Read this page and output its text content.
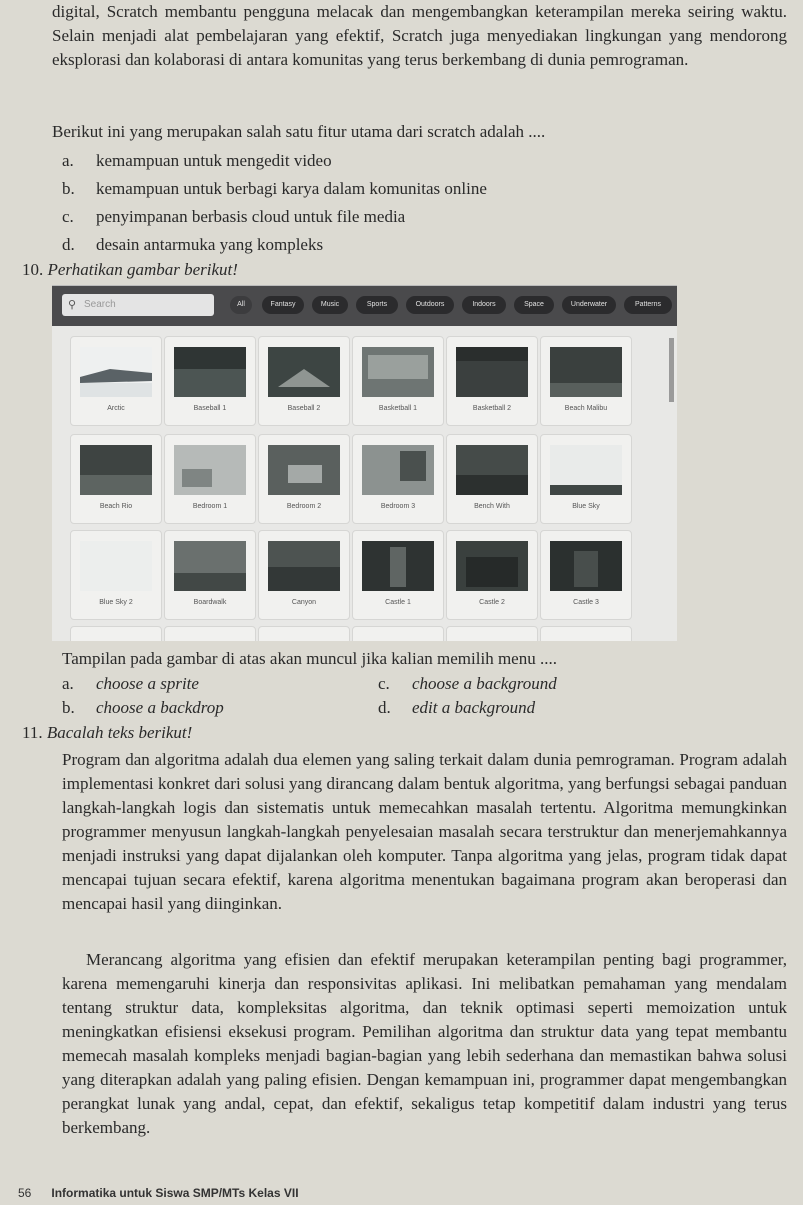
digital, Scratch membantu pengguna melacak dan mengembangkan keterampilan mereka seiring waktu. Selain menjadi alat pembelajaran yang efektif, Scratch juga menyediakan lingkungan yang mendorong eksplorasi dan kolaborasi di antara komunitas yang terus berkembang di dunia pemrograman.

Berikut ini yang merupakan salah satu fitur utama dari scratch adalah ....

a. kemampuan untuk mengedit video
b. kemampuan untuk berbagi karya dalam komunitas online
c. penyimpanan berbasis cloud untuk file media
d. desain antarmuka yang kompleks
10. Perhatikan gambar berikut!
⚲ Search	All	Fantasy	Music	Sports	Outdoors	Indoors	Space	Underwater	Patterns
Arctic	Baseball 1	Baseball 2	Basketball 1	Basketball 2	Beach Malibu
Beach Rio	Bedroom 1	Bedroom 2	Bedroom 3	Bench With	Blue Sky
Blue Sky 2	Boardwalk	Canyon	Castle 1	Castle 2	Castle 3

Tampilan pada gambar di atas akan muncul jika kalian memilih menu ....

a. choose a sprite	c. choose a background
b. choose a backdrop	d. edit a background
11. Bacalah teks berikut!

Program dan algoritma adalah dua elemen yang saling terkait dalam dunia pemrograman. Program adalah implementasi konkret dari solusi yang dirancang dalam bentuk algoritma, yang berfungsi sebagai panduan langkah-langkah logis dan sistematis untuk memecahkan masalah tertentu. Algoritma memungkinkan programmer menyusun langkah-langkah penyelesaian masalah secara terstruktur dan menerjemahkannya menjadi instruksi yang dapat dijalankan oleh komputer. Tanpa algoritma yang jelas, program tidak dapat mencapai tujuan secara efektif, karena algoritma menentukan bagaimana program akan beroperasi dan mencapai hasil yang diinginkan.

Merancang algoritma yang efisien dan efektif merupakan keterampilan penting bagi programmer, karena memengaruhi kinerja dan responsivitas aplikasi. Ini melibatkan pemahaman yang mendalam tentang struktur data, kompleksitas algoritma, dan teknik optimasi seperti memoization untuk meningkatkan efisiensi eksekusi program. Pemilihan algoritma dan struktur data yang tepat membantu memecah masalah kompleks menjadi bagian-bagian yang lebih sederhana dan memastikan bahwa solusi yang diterapkan adalah yang paling efisien. Dengan kemampuan ini, programmer dapat mengembangkan perangkat lunak yang andal, cepat, dan efektif, sekaligus tetap kompetitif dalam industri yang terus berkembang.

56 Informatika untuk Siswa SMP/MTs Kelas VII
